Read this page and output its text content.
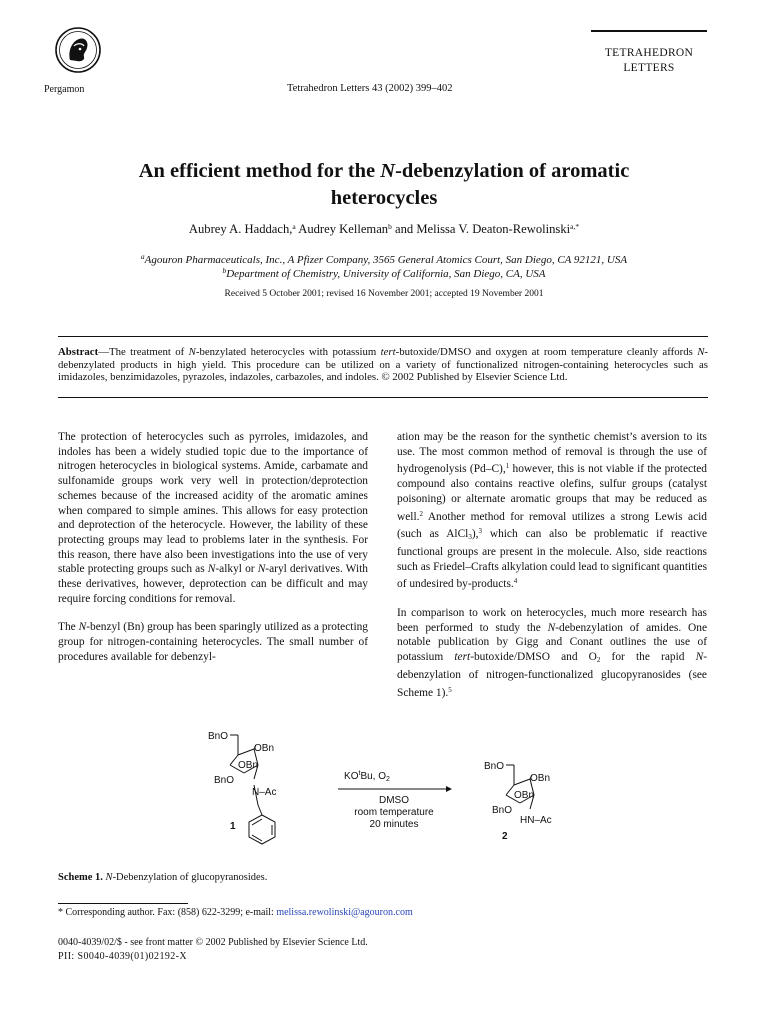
Pergamon	Tetrahedron Letters 43 (2002) 399–402
TETRAHEDRON
LETTERS
An efficient method for the N-debenzylation of aromatic
heterocycles
Aubrey A. Haddach,$^a$ Audrey Kelleman$^b$ and Melissa V. Deaton-Rewolinski$^{a,*}$
$^a$Agouron Pharmaceuticals, Inc., A Pfizer Company, 3565 General Atomics Court, San Diego, CA 92121, USA
$^b$Department of Chemistry, University of California, San Diego, CA, USA
Received 5 October 2001; revised 16 November 2001; accepted 19 November 2001
Abstract—The treatment of N-benzylated heterocycles with potassium tert-butoxide/DMSO and oxygen at room temperature cleanly affords N-debenzylated products in high yield. This procedure can be utilized on a variety of functionalized nitrogen-containing heterocycles such as imidazoles, benzimidazoles, pyrazoles, indazoles, carbazoles, and indoles. © 2002 Published by Elsevier Science Ltd.

The protection of heterocycles such as pyrroles, imidazoles, and indoles has been a widely studied topic due to the importance of nitrogen heterocycles in biological systems. Amide, carbamate and sulfonamide groups work very well in protection/deprotection schemes because of the increased acidity of the aromatic amines when compared to simple amines. This allows for easy protection and deprotection of the heterocycle. However, the lability of these protecting groups may lead to problems later in the synthesis. For this reason, there have also been investigations into the use of very stable protecting groups such as N-alkyl or N-aryl derivatives. With these derivatives, however, deprotection can be difficult and may require forcing conditions for removal.

The N-benzyl (Bn) group has been sparingly utilized as a protecting group for nitrogen-containing heterocycles. The small number of procedures available for debenzyl-

ation may be the reason for the synthetic chemist’s aversion to its use. The most common method of removal is through the use of hydrogenolysis (Pd–C),$^1$ however, this is not viable if the protected compound also contains reactive olefins, sulfur groups (catalyst poisoning) or alternate aromatic groups that may be reduced as well.$^2$ Another method for removal utilizes a strong Lewis acid (such as AlCl$_3$),$^3$ which can also be problematic if reactive functional groups are present in the molecule. Also, side reactions such as Friedel–Crafts alkylation could lead to significant quantities of undesired by-products.$^4$

In comparison to work on heterocycles, much more research has been performed to study the N-debenzylation of amides. One notable publication by Gigg and Conant outlines the use of potassium tert-butoxide/DMSO and $O_2$ for the rapid N-debenzylation of nitrogen-functionalized glucopyranosides (see Scheme 1).$^5$

BnO
OBn
OBn
BnO
N–Ac
1
$KO^tBu$, $O_2$
DMSO
room temperature
20 minutes
BnO
OBn
OBn
BnO
HN–Ac
2
Scheme 1. N-Debenzylation of glucopyranosides.
* Corresponding author. Fax: (858) 622-3299; e-mail: melissa.rewolinski@agouron.com
0040-4039/02/$ - see front matter © 2002 Published by Elsevier Science Ltd.
PII: S0040-4039(01)02192-X
